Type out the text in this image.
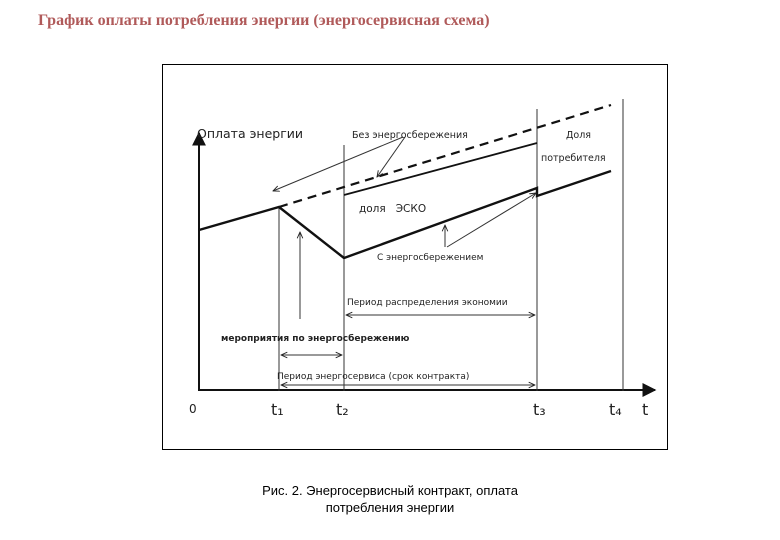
График оплаты потребления энергии (энергосервисная схема)
Оплата энергии	Без энергосбережения	Доля
потребителя
доля   ЭСКО
С энергосбережением
Период распределения экономии
мероприятия по энергосбережению
Период энергосервиса (срок контракта)
0	t₁	t₂	t₃	t₄ t
Рис. 2. Энергосервисный контракт, оплата
потребления энергии
